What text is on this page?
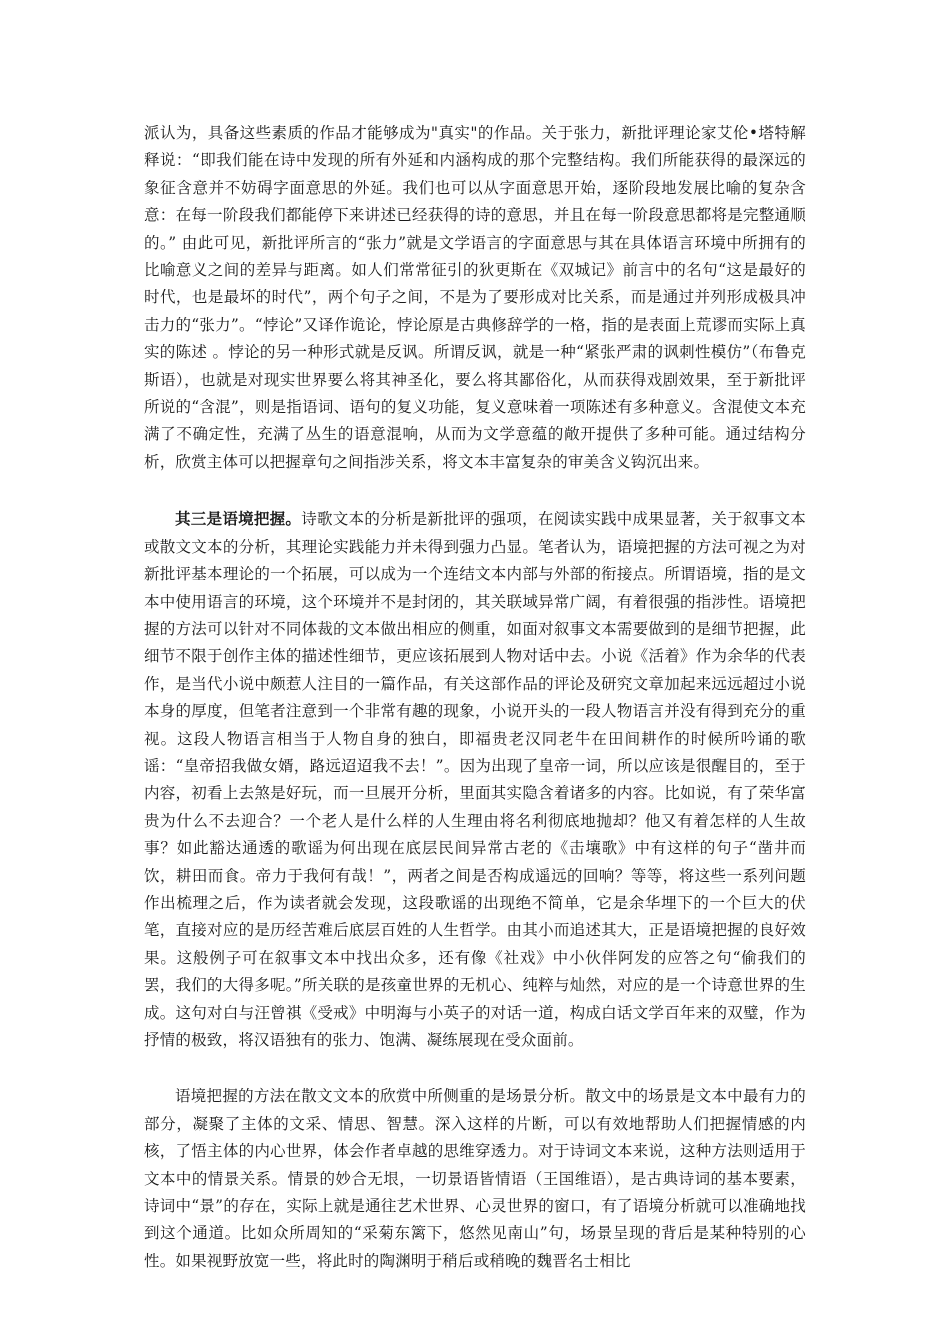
派认为，具备这些素质的作品才能够成为"真实"的作品。关于张力，新批评理论家艾伦•塔特解释说：“即我们能在诗中发现的所有外延和内涵构成的那个完整结构。我们所能获得的最深远的象征含意并不妨碍字面意思的外延。我们也可以从字面意思开始，逐阶段地发展比喻的复杂含意：在每一阶段我们都能停下来讲述已经获得的诗的意思，并且在每一阶段意思都将是完整通顺的。” 由此可见，新批评所言的“张力”就是文学语言的字面意思与其在具体语言环境中所拥有的比喻意义之间的差异与距离。如人们常常征引的狄更斯在《双城记》前言中的名句“这是最好的时代，也是最坏的时代”，两个句子之间，不是为了要形成对比关系，而是通过并列形成极具冲击力的“张力”。“悖论”又译作诡论，悖论原是古典修辞学的一格，指的是表面上荒谬而实际上真实的陈述 。悖论的另一种形式就是反讽。所谓反讽，就是一种“紧张严肃的讽刺性模仿”（布鲁克斯语），也就是对现实世界要么将其神圣化，要么将其鄙俗化，从而获得戏剧效果，至于新批评所说的“含混”，则是指语词、语句的复义功能，复义意味着一项陈述有多种意义。含混使文本充满了不确定性，充满了丛生的语意混响，从而为文学意蕴的敞开提供了多种可能。通过结构分析，欣赏主体可以把握章句之间指涉关系，将文本丰富复杂的审美含义钩沉出来。

其三是语境把握。诗歌文本的分析是新批评的强项，在阅读实践中成果显著，关于叙事文本或散文文本的分析，其理论实践能力并未得到强力凸显。笔者认为，语境把握的方法可视之为对新批评基本理论的一个拓展，可以成为一个连结文本内部与外部的衔接点。所谓语境，指的是文本中使用语言的环境，这个环境并不是封闭的，其关联域异常广阔，有着很强的指涉性。语境把握的方法可以针对不同体裁的文本做出相应的侧重，如面对叙事文本需要做到的是细节把握，此细节不限于创作主体的描述性细节，更应该拓展到人物对话中去。小说《活着》作为余华的代表作，是当代小说中颇惹人注目的一篇作品，有关这部作品的评论及研究文章加起来远远超过小说本身的厚度，但笔者注意到一个非常有趣的现象，小说开头的一段人物语言并没有得到充分的重视。这段人物语言相当于人物自身的独白，即福贵老汉同老牛在田间耕作的时候所吟诵的歌谣：“皇帝招我做女婿，路远迢迢我不去！”。因为出现了皇帝一词，所以应该是很醒目的，至于内容，初看上去煞是好玩，而一旦展开分析，里面其实隐含着诸多的内容。比如说，有了荣华富贵为什么不去迎合？一个老人是什么样的人生理由将名利彻底地抛却？他又有着怎样的人生故事？如此豁达通透的歌谣为何出现在底层民间异常古老的《击壤歌》中有这样的句子“凿井而饮，耕田而食。帝力于我何有哉！”，两者之间是否构成遥远的回响？等等，将这些一系列问题作出梳理之后，作为读者就会发现，这段歌谣的出现绝不简单，它是余华埋下的一个巨大的伏笔，直接对应的是历经苦难后底层百姓的人生哲学。由其小而追述其大，正是语境把握的良好效果。这般例子可在叙事文本中找出众多，还有像《社戏》中小伙伴阿发的应答之句“偷我们的罢，我们的大得多呢。”所关联的是孩童世界的无机心、纯粹与灿然，对应的是一个诗意世界的生成。这句对白与汪曾祺《受戒》中明海与小英子的对话一道，构成白话文学百年来的双璧，作为抒情的极致，将汉语独有的张力、饱满、凝练展现在受众面前。

语境把握的方法在散文文本的欣赏中所侧重的是场景分析。散文中的场景是文本中最有力的部分，凝聚了主体的文采、情思、智慧。深入这样的片断，可以有效地帮助人们把握情感的内核，了悟主体的内心世界，体会作者卓越的思维穿透力。对于诗词文本来说，这种方法则适用于文本中的情景关系。情景的妙合无垠，一切景语皆情语（王国维语），是古典诗词的基本要素，诗词中“景”的存在，实际上就是通往艺术世界、心灵世界的窗口，有了语境分析就可以准确地找到这个通道。比如众所周知的“采菊东篱下，悠然见南山”句，场景呈现的背后是某种特别的心性。如果视野放宽一些，将此时的陶渊明于稍后或稍晚的魏晋名士相比
